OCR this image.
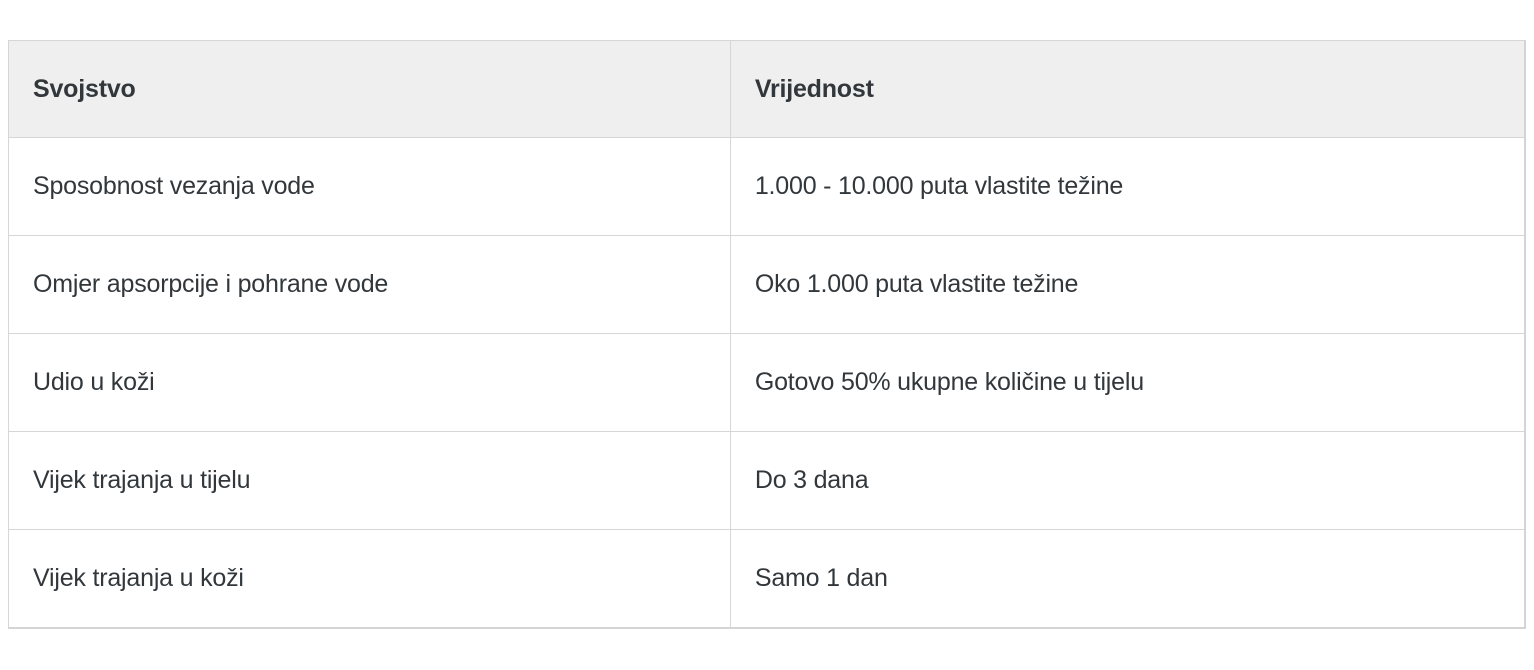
Svojstvo	Vrijednost
Sposobnost vezanja vode	1.000 - 10.000 puta vlastite težine
Omjer apsorpcije i pohrane vode	Oko 1.000 puta vlastite težine
Udio u koži	Gotovo 50% ukupne količine u tijelu
Vijek trajanja u tijelu	Do 3 dana
Vijek trajanja u koži	Samo 1 dan
